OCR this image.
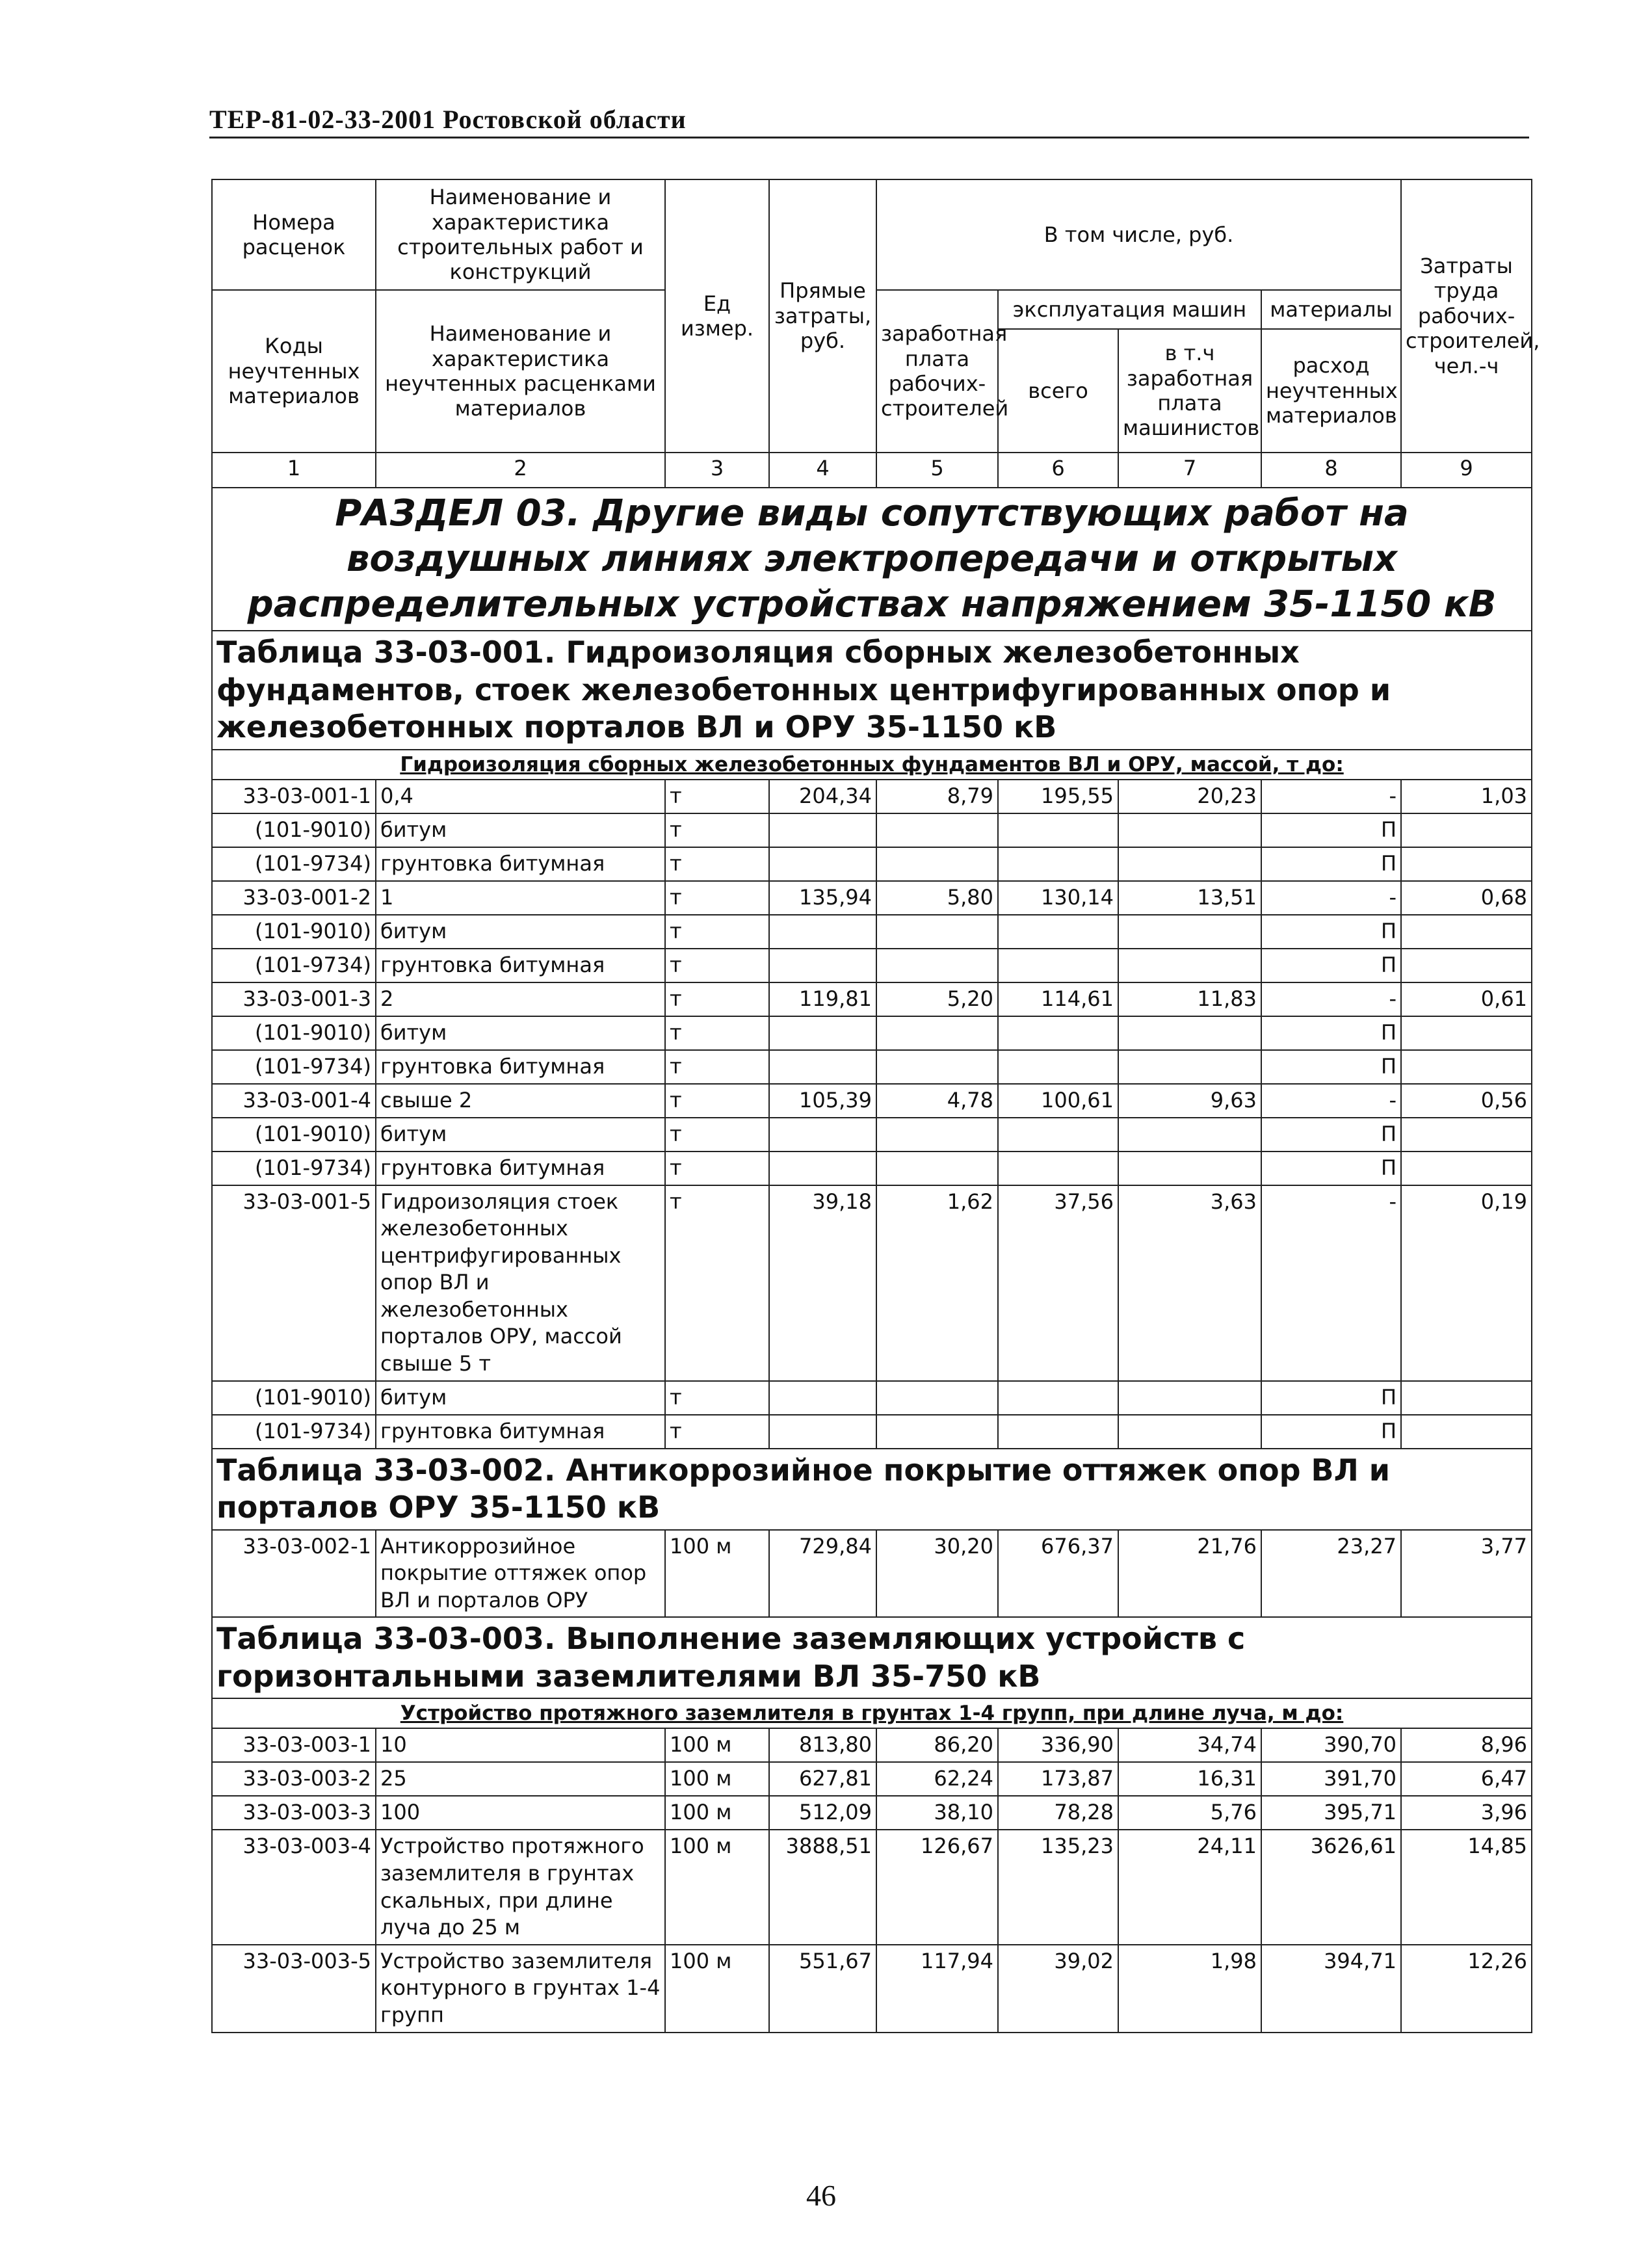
ТЕР-81-02-33-2001 Ростовской области
Номера расценок	Наименование и характеристика строительных работ и конструкций	Ед измер.	Прямые затраты, руб.	В том числе, руб.				Затраты труда рабочих-строителей, чел.-ч
Коды неучтенных материалов	Наименование и характеристика неучтенных расценками материалов			заработная плата рабочих-строителей	эксплуатация машин		материалы	
					всего	в т.ч заработная плата машинистов	расход неучтенных материалов	
1	2	3	4	5	6	7	8	9
РАЗДЕЛ 03. Другие виды сопутствующих работ на воздушных линиях электропередачи и открытых распределительных устройствах напряжением 35-1150 кВ								
Таблица 33-03-001. Гидроизоляция сборных железобетонных фундаментов, стоек железобетонных центрифугированных опор и железобетонных порталов ВЛ и ОРУ 35-1150 кВ								
Гидроизоляция сборных железобетонных фундаментов ВЛ и ОРУ, массой, т до:								
33-03-001-1	0,4	т	204,34	8,79	195,55	20,23	-	1,03
(101-9010)	битум	т					П	
(101-9734)	грунтовка битумная	т					П	
33-03-001-2	1	т	135,94	5,80	130,14	13,51	-	0,68
(101-9010)	битум	т					П	
(101-9734)	грунтовка битумная	т					П	
33-03-001-3	2	т	119,81	5,20	114,61	11,83	-	0,61
(101-9010)	битум	т					П	
(101-9734)	грунтовка битумная	т					П	
33-03-001-4	свыше 2	т	105,39	4,78	100,61	9,63	-	0,56
(101-9010)	битум	т					П	
(101-9734)	грунтовка битумная	т					П	
33-03-001-5	Гидроизоляция стоек железобетонных центрифугированных опор ВЛ и железобетонных порталов ОРУ, массой свыше 5 т	т	39,18	1,62	37,56	3,63	-	0,19
(101-9010)	битум	т					П	
(101-9734)	грунтовка битумная	т					П	
Таблица 33-03-002. Антикоррозийное покрытие оттяжек опор ВЛ и порталов ОРУ 35-1150 кВ								
33-03-002-1	Антикоррозийное покрытие оттяжек опор ВЛ и порталов ОРУ	100 м	729,84	30,20	676,37	21,76	23,27	3,77
Таблица 33-03-003. Выполнение заземляющих устройств с горизонтальными заземлителями ВЛ 35-750 кВ								
Устройство протяжного заземлителя в грунтах 1-4 групп, при длине луча, м до:								
33-03-003-1	10	100 м	813,80	86,20	336,90	34,74	390,70	8,96
33-03-003-2	25	100 м	627,81	62,24	173,87	16,31	391,70	6,47
33-03-003-3	100	100 м	512,09	38,10	78,28	5,76	395,71	3,96
33-03-003-4	Устройство протяжного заземлителя в грунтах скальных, при длине луча до 25 м	100 м	3888,51	126,67	135,23	24,11	3626,61	14,85
33-03-003-5	Устройство заземлителя контурного в грунтах 1-4 групп	100 м	551,67	117,94	39,02	1,98	394,71	12,26
46
